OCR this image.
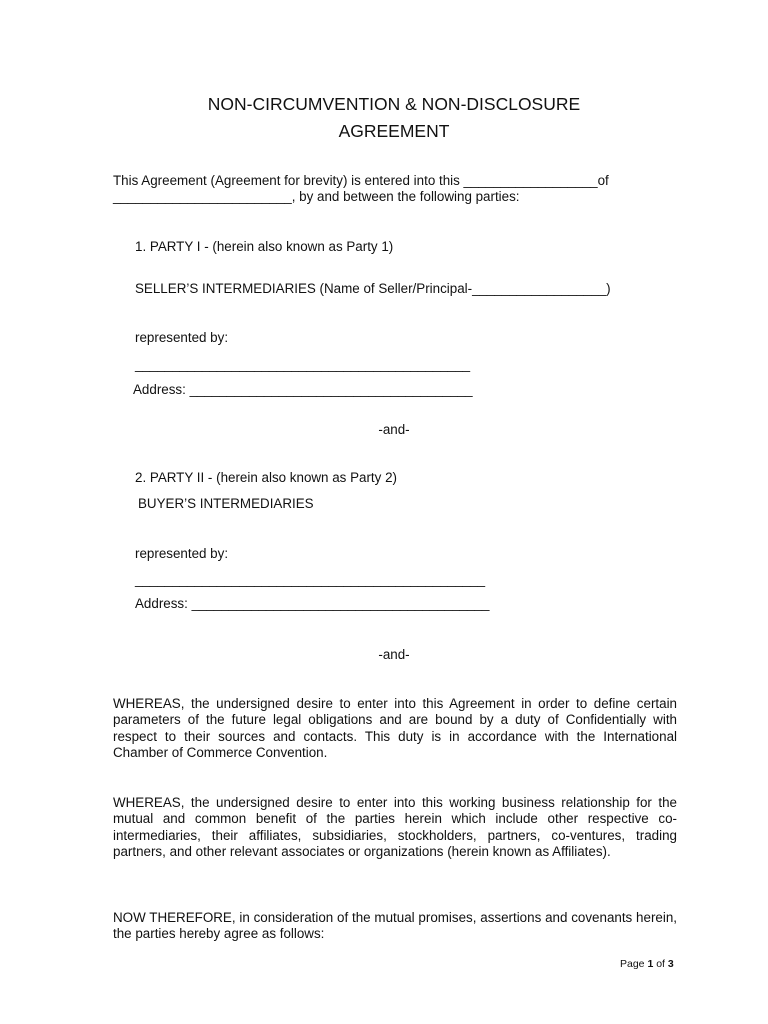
NON-CIRCUMVENTION & NON-DISCLOSURE
AGREEMENT
This Agreement (Agreement for brevity) is entered into this __________________of
________________________, by and between the following parties:
1. PARTY I - (herein also known as Party 1)
SELLER’S INTERMEDIARIES (Name of Seller/Principal-__________________)
represented by:
_____________________________________________
Address: ______________________________________
-and-
2. PARTY II - (herein also known as Party 2)
BUYER’S INTERMEDIARIES
represented by:
_______________________________________________
Address: ________________________________________
-and-
WHEREAS, the undersigned desire to enter into this Agreement in order to define certain parameters of the future legal obligations and are bound by a duty of Confidentially with respect to their sources and contacts. This duty is in accordance with the International Chamber of Commerce Convention.
WHEREAS, the undersigned desire to enter into this working business relationship for the mutual and common benefit of the parties herein which include other respective co-intermediaries, their affiliates, subsidiaries, stockholders, partners, co-ventures, trading partners, and other relevant associates or organizations (herein known as Affiliates).
NOW THEREFORE, in consideration of the mutual promises, assertions and covenants herein, the parties hereby agree as follows:
Page 1 of 3
